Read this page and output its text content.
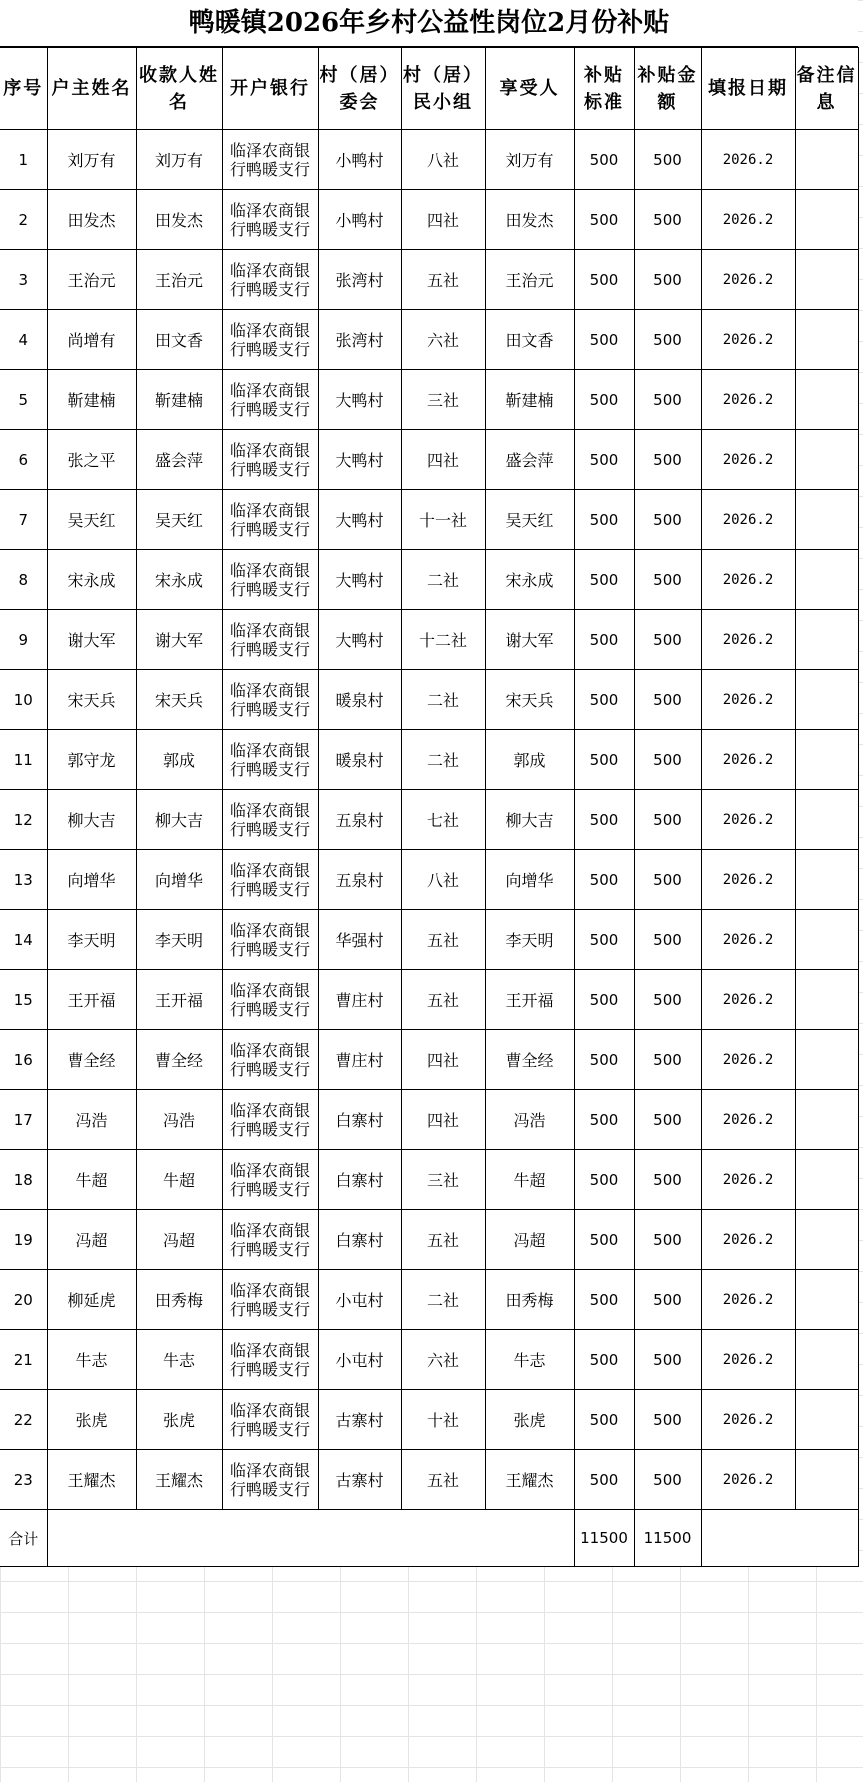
鸭暖镇2026年乡村公益性岗位2月份补贴
序号	户主姓名	收款人姓名	开户银行	村（居）委会	村（居）民小组	享受人	补贴标准	补贴金额	填报日期	备注信息
1	刘万有	刘万有	临泽农商银行鸭暖支行	小鸭村	八社	刘万有	500	500	2026.2	
2	田发杰	田发杰	临泽农商银行鸭暖支行	小鸭村	四社	田发杰	500	500	2026.2	
3	王治元	王治元	临泽农商银行鸭暖支行	张湾村	五社	王治元	500	500	2026.2	
4	尚增有	田文香	临泽农商银行鸭暖支行	张湾村	六社	田文香	500	500	2026.2	
5	靳建楠	靳建楠	临泽农商银行鸭暖支行	大鸭村	三社	靳建楠	500	500	2026.2	
6	张之平	盛会萍	临泽农商银行鸭暖支行	大鸭村	四社	盛会萍	500	500	2026.2	
7	吴天红	吴天红	临泽农商银行鸭暖支行	大鸭村	十一社	吴天红	500	500	2026.2	
8	宋永成	宋永成	临泽农商银行鸭暖支行	大鸭村	二社	宋永成	500	500	2026.2	
9	谢大军	谢大军	临泽农商银行鸭暖支行	大鸭村	十二社	谢大军	500	500	2026.2	
10	宋天兵	宋天兵	临泽农商银行鸭暖支行	暖泉村	二社	宋天兵	500	500	2026.2	
11	郭守龙	郭成	临泽农商银行鸭暖支行	暖泉村	二社	郭成	500	500	2026.2	
12	柳大吉	柳大吉	临泽农商银行鸭暖支行	五泉村	七社	柳大吉	500	500	2026.2	
13	向增华	向增华	临泽农商银行鸭暖支行	五泉村	八社	向增华	500	500	2026.2	
14	李天明	李天明	临泽农商银行鸭暖支行	华强村	五社	李天明	500	500	2026.2	
15	王开福	王开福	临泽农商银行鸭暖支行	曹庄村	五社	王开福	500	500	2026.2	
16	曹全经	曹全经	临泽农商银行鸭暖支行	曹庄村	四社	曹全经	500	500	2026.2	
17	冯浩	冯浩	临泽农商银行鸭暖支行	白寨村	四社	冯浩	500	500	2026.2	
18	牛超	牛超	临泽农商银行鸭暖支行	白寨村	三社	牛超	500	500	2026.2	
19	冯超	冯超	临泽农商银行鸭暖支行	白寨村	五社	冯超	500	500	2026.2	
20	柳延虎	田秀梅	临泽农商银行鸭暖支行	小屯村	二社	田秀梅	500	500	2026.2	
21	牛志	牛志	临泽农商银行鸭暖支行	小屯村	六社	牛志	500	500	2026.2	
22	张虎	张虎	临泽农商银行鸭暖支行	古寨村	十社	张虎	500	500	2026.2	
23	王耀杰	王耀杰	临泽农商银行鸭暖支行	古寨村	五社	王耀杰	500	500	2026.2	
合计							11500	11500		
